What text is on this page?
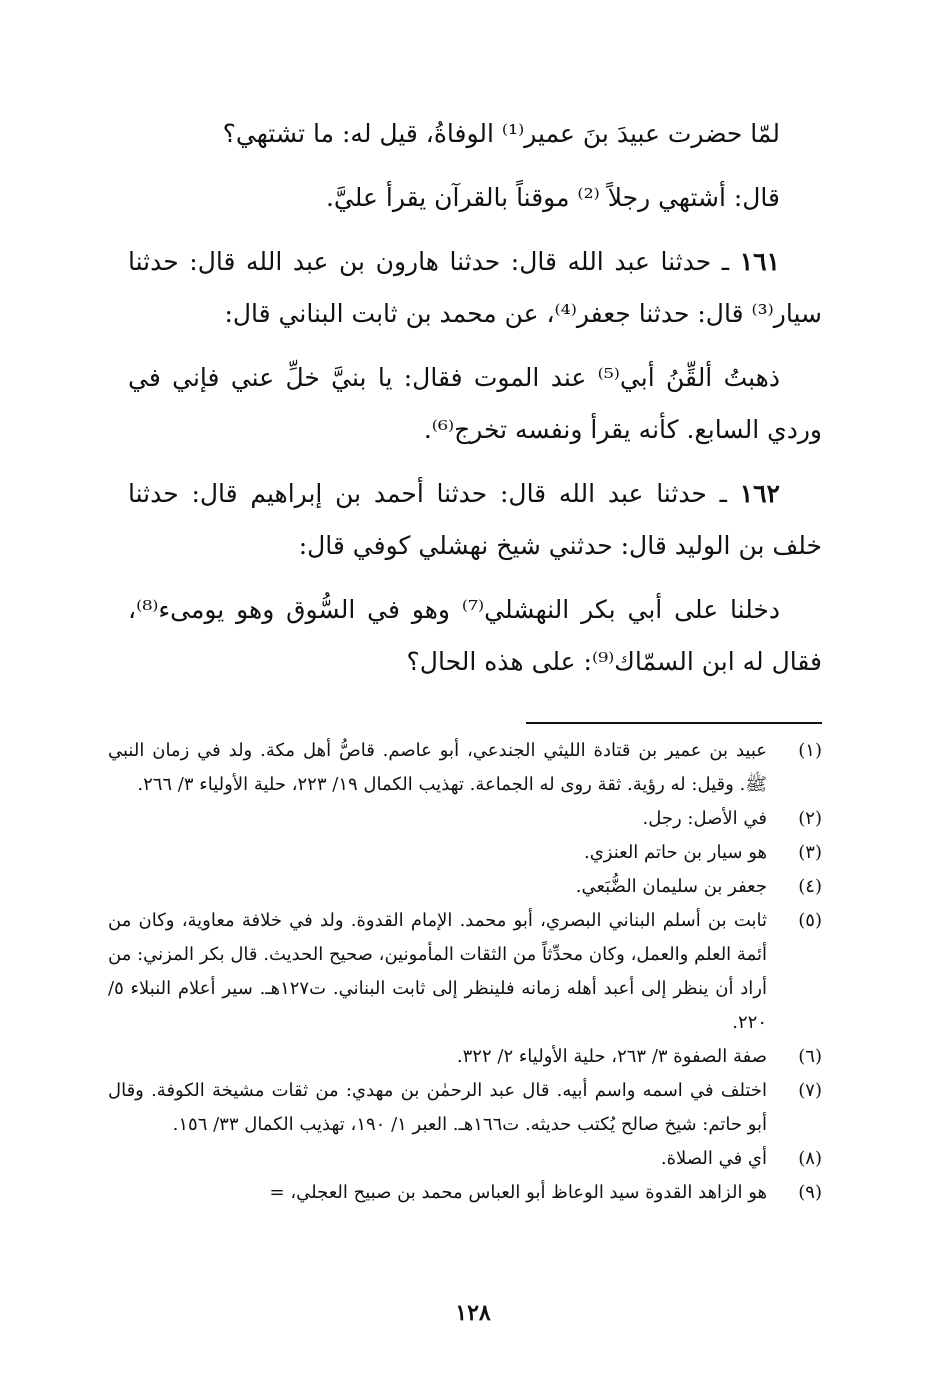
لمّا حضرت عبيدَ بنَ عمير⁽¹⁾ الوفاةُ، قيل له: ما تشتهي؟

قال: أشتهي رجلاً ⁽²⁾ موقناً بالقرآن يقرأ عليَّ.

١٦١ ـ حدثنا عبد الله قال: حدثنا هارون بن عبد الله قال: حدثنا سيار⁽³⁾ قال: حدثنا جعفر⁽⁴⁾، عن محمد بن ثابت البناني قال:

ذهبتُ ألقِّنُ أبي⁽⁵⁾ عند الموت فقال: يا بنيَّ خلِّ عني فإني في وردي السابع. كأنه يقرأ ونفسه تخرج⁽⁶⁾.

١٦٢ ـ حدثنا عبد الله قال: حدثنا أحمد بن إبراهيم قال: حدثنا خلف بن الوليد قال: حدثني شيخ نهشلي كوفي قال:

دخلنا على أبي بكر النهشلي⁽⁷⁾ وهو في السُّوق وهو يومىء⁽⁸⁾، فقال له ابن السمّاك⁽⁹⁾: على هذه الحال؟

(١)
عبيد بن عمير بن قتادة الليثي الجندعي، أبو عاصم. قاصُّ أهل مكة. ولد في زمان النبي ﷺ. وقيل: له رؤية. ثقة روى له الجماعة. تهذيب الكمال ١٩/ ٢٢٣، حلية الأولياء ٣/ ٢٦٦.
(٢)
في الأصل: رجل.
(٣)
هو سيار بن حاتم العنزي.
(٤)
جعفر بن سليمان الضُّبَعي.
(٥)
ثابت بن أسلم البناني البصري، أبو محمد. الإمام القدوة. ولد في خلافة معاوية، وكان من أئمة العلم والعمل، وكان محدِّثاً من الثقات المأمونين، صحيح الحديث. قال بكر المزني: من أراد أن ينظر إلى أعبد أهله زمانه فلينظر إلى ثابت البناني. ت١٢٧هـ. سير أعلام النبلاء ٥/ ٢٢٠.
(٦)
صفة الصفوة ٣/ ٢٦٣، حلية الأولياء ٢/ ٣٢٢.
(٧)
اختلف في اسمه واسم أبيه. قال عبد الرحمٰن بن مهدي: من ثقات مشيخة الكوفة. وقال أبو حاتم: شيخ صالح يُكتب حديثه. ت١٦٦هـ. العبر ١/ ١٩٠، تهذيب الكمال ٣٣/ ١٥٦.
(٨)
أي في الصلاة.
(٩)
هو الزاهد القدوة سيد الوعاظ أبو العباس محمد بن صبيح العجلي، =
١٢٨
